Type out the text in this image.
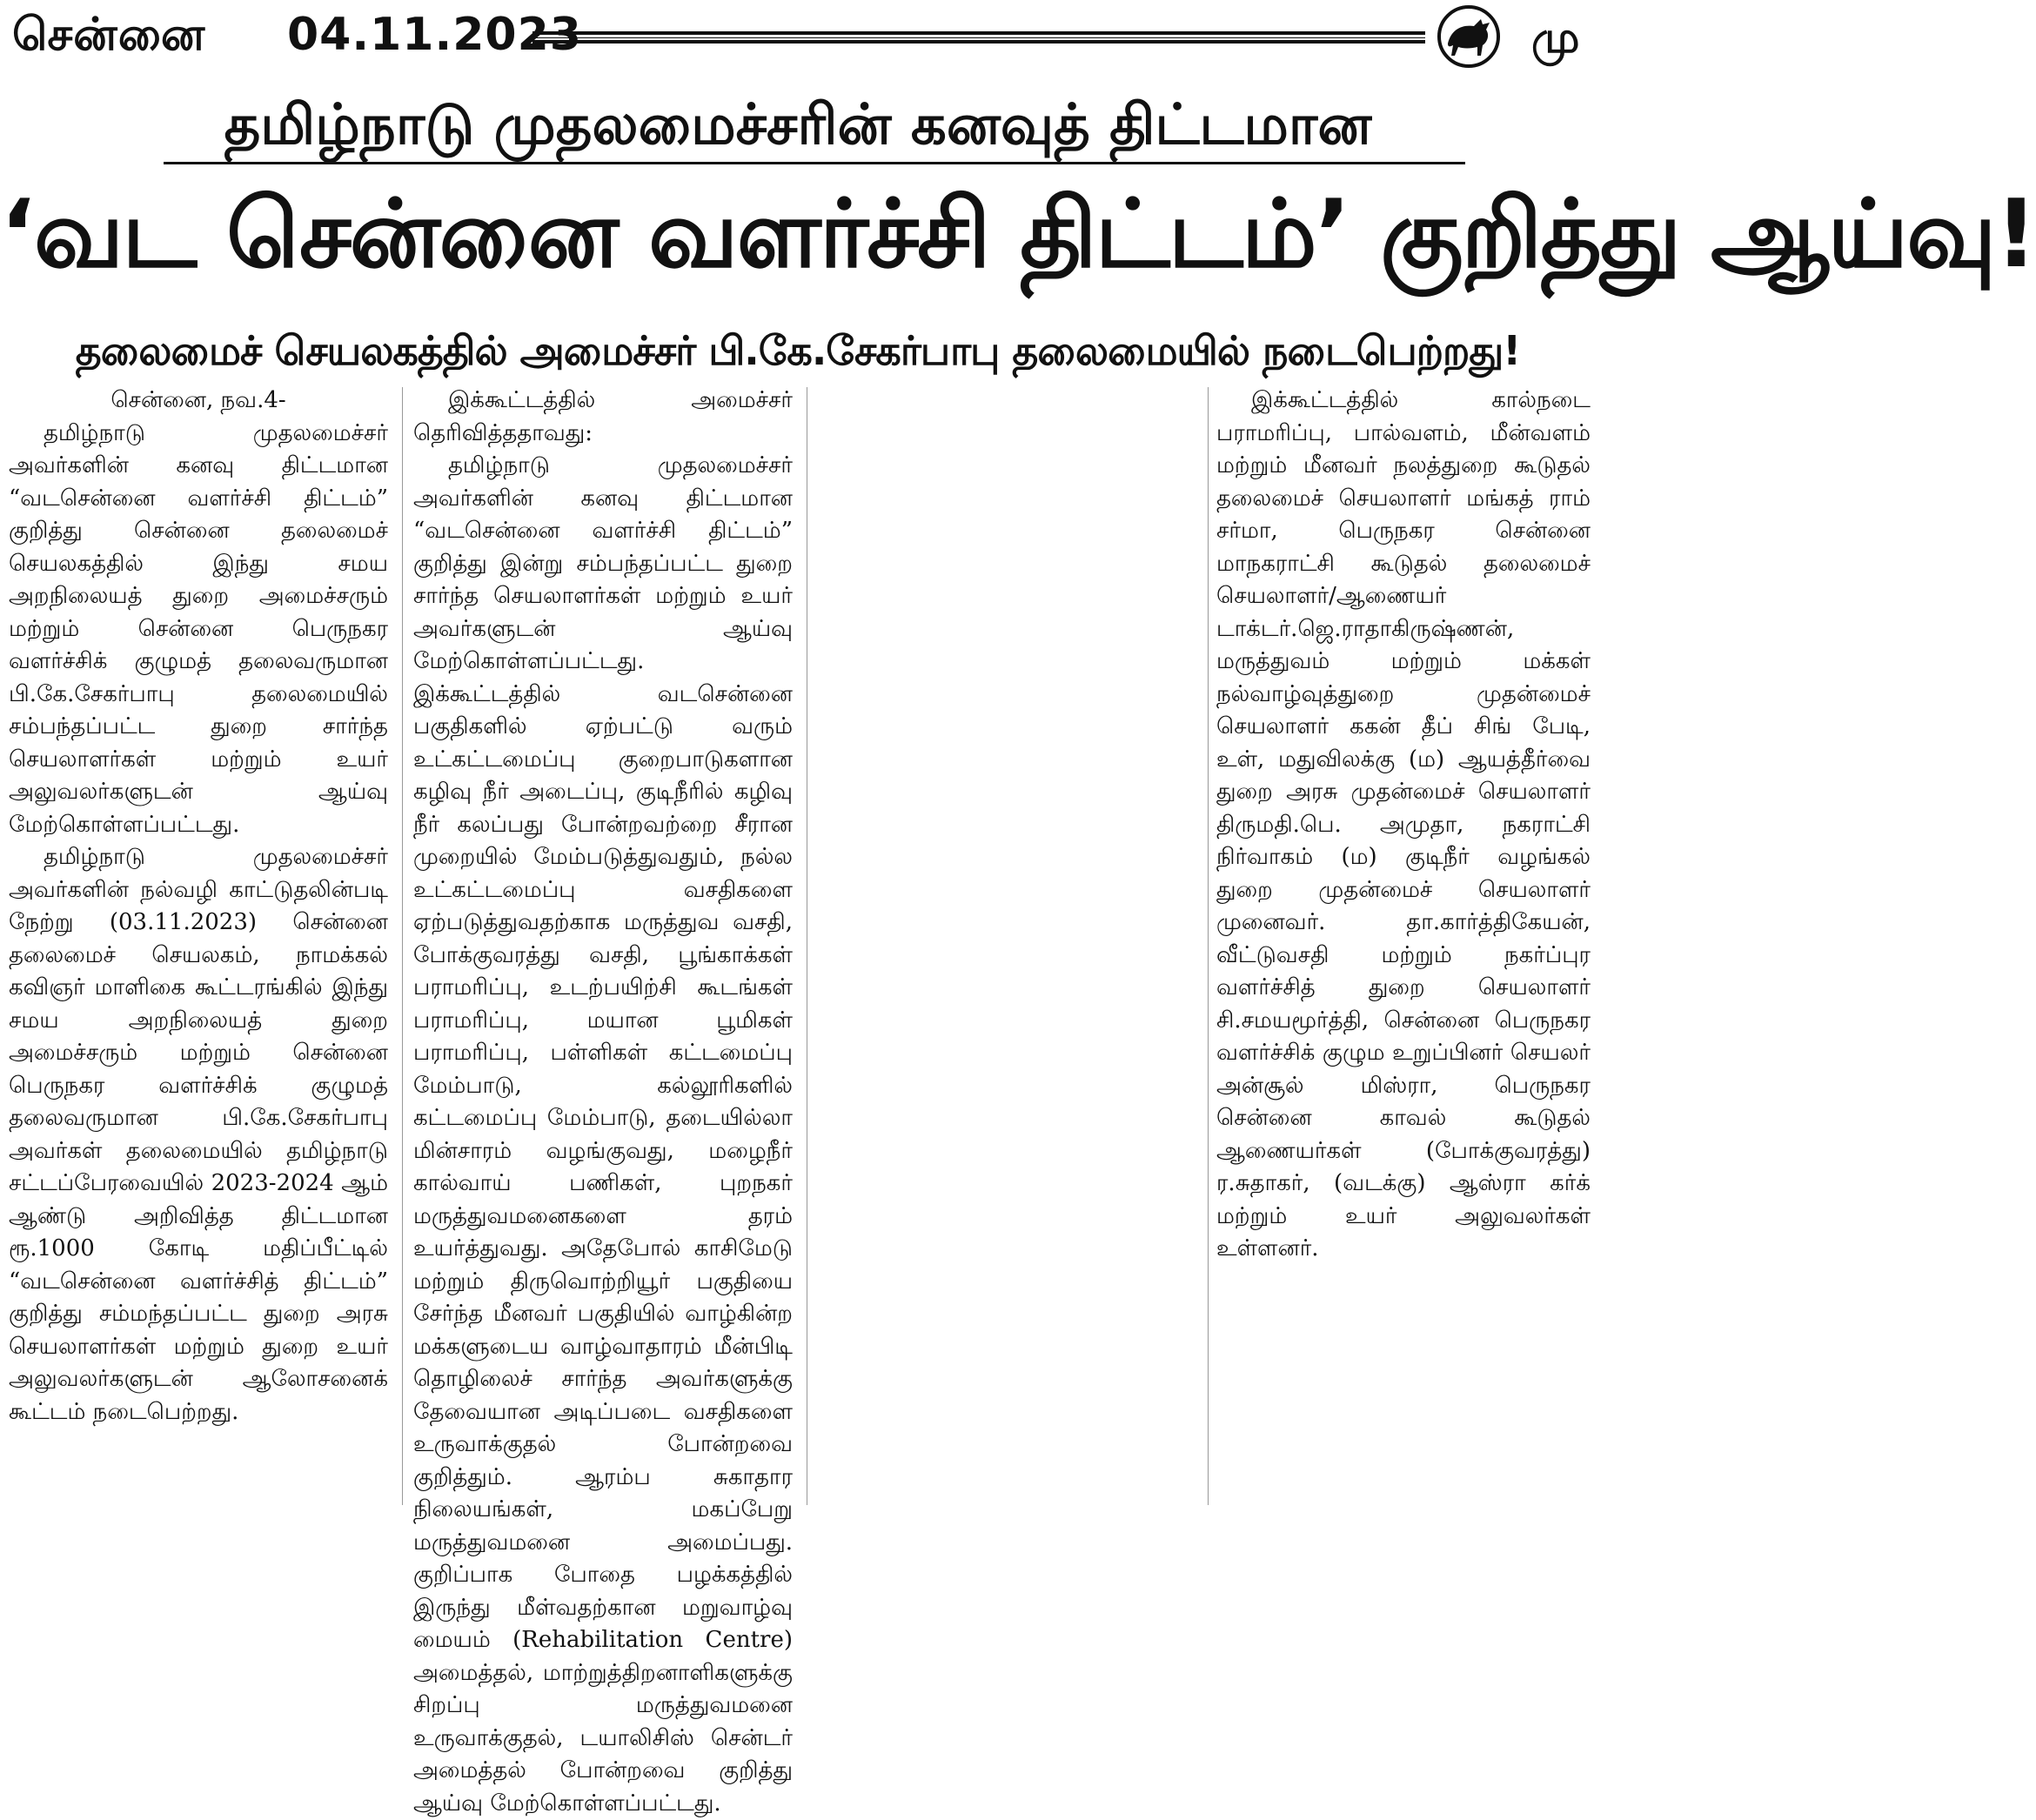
சென்னை 04.11.2023	மு
தமிழ்நாடு முதலமைச்சரின் கனவுத் திட்டமான
‘வட சென்னை வளர்ச்சி திட்டம்’ குறித்து ஆய்வு!
தலைமைச் செயலகத்தில் அமைச்சர் பி.கே.சேகர்பாபு தலைமையில் நடைபெற்றது!

சென்னை, நவ.4-

தமிழ்நாடு முதலமைச்சர் அவர்களின் கனவு திட்டமான “வடசென்னை வளர்ச்சி திட்டம்” குறித்து சென்னை தலைமைச் செயலகத்தில் இந்து சமய அறநிலையத் துறை அமைச்சரும் மற்றும் சென்னை பெருநகர வளர்ச்சிக் குழுமத் தலைவருமான பி.கே.சேகர்பாபு தலைமையில் சம்பந்தப்பட்ட துறை சார்ந்த செயலாளர்கள் மற்றும் உயர் அலுவலர்களுடன் ஆய்வு மேற்கொள்ளப்பட்டது.

தமிழ்நாடு முதலமைச்சர் அவர்களின் நல்வழி காட்டுதலின்படி நேற்று (03.11.2023) சென்னை தலைமைச் செயலகம், நாமக்கல் கவிஞர் மாளிகை கூட்டரங்கில் இந்து சமய அறநிலையத் துறை அமைச்சரும் மற்றும் சென்னை பெருநகர வளர்ச்சிக் குழுமத் தலைவருமான பி.கே.சேகர்பாபு அவர்கள் தலைமையில் தமிழ்நாடு சட்டப்பேரவையில் 2023-2024 ஆம் ஆண்டு அறிவித்த திட்டமான ரூ.1000 கோடி மதிப்பீட்டில் “வடசென்னை வளர்ச்சித் திட்டம்” குறித்து சம்மந்தப்பட்ட துறை அரசு செயலாளர்கள் மற்றும் துறை உயர் அலுவலர்களுடன் ஆலோசனைக் கூட்டம் நடைபெற்றது.

இக்கூட்டத்தில் அமைச்சர் தெரிவித்ததாவது:

தமிழ்நாடு முதலமைச்சர் அவர்களின் கனவு திட்டமான “வடசென்னை வளர்ச்சி திட்டம்” குறித்து இன்று சம்பந்தப்பட்ட துறை சார்ந்த செயலாளர்கள் மற்றும் உயர் அவர்களுடன் ஆய்வு மேற்கொள்ளப்பட்டது. இக்கூட்டத்தில் வடசென்னை பகுதிகளில் ஏற்பட்டு வரும் உட்கட்டமைப்பு குறைபாடுகளான கழிவு நீர் அடைப்பு, குடிநீரில் கழிவு நீர் கலப்பது போன்றவற்றை சீரான முறையில் மேம்படுத்துவதும், நல்ல உட்கட்டமைப்பு வசதிகளை ஏற்படுத்துவதற்காக மருத்துவ வசதி, போக்குவரத்து வசதி, பூங்காக்கள் பராமரிப்பு, உடற்பயிற்சி கூடங்கள் பராமரிப்பு, மயான பூமிகள் பராமரிப்பு, பள்ளிகள் கட்டமைப்பு மேம்பாடு, கல்லூரிகளில் கட்டமைப்பு மேம்பாடு, தடையில்லா மின்சாரம் வழங்குவது, மழைநீர் கால்வாய் பணிகள், புறநகர் மருத்துவமனைகளை தரம் உயர்த்துவது. அதேபோல் காசிமேடு மற்றும் திருவொற்றியூர் பகுதியை சேர்ந்த மீனவர் பகுதியில் வாழ்கின்ற மக்களுடைய வாழ்வாதாரம் மீன்பிடி தொழிலைச் சார்ந்த அவர்களுக்கு தேவையான அடிப்படை வசதிகளை உருவாக்குதல் போன்றவை குறித்தும். ஆரம்ப சுகாதார நிலையங்கள், மகப்பேறு மருத்துவமனை அமைப்பது. குறிப்பாக போதை பழக்கத்தில் இருந்து மீள்வதற்கான மறுவாழ்வு மையம் (Rehabilitation Centre) அமைத்தல், மாற்றுத்திறனாளிகளுக்கு சிறப்பு மருத்துவமனை உருவாக்குதல், டயாலிசிஸ் சென்டர் அமைத்தல் போன்றவை குறித்து ஆய்வு மேற்கொள்ளப்பட்டது.

இக்கூட்டத்தில் கால்நடை பராமரிப்பு, பால்வளம், மீன்வளம் மற்றும் மீனவர் நலத்துறை கூடுதல் தலைமைச் செயலாளர் மங்கத் ராம் சர்மா, பெருநகர சென்னை மாநகராட்சி கூடுதல் தலைமைச் செயலாளர்/ஆணையர் டாக்டர்.ஜெ.ராதாகிருஷ்ணன், மருத்துவம் மற்றும் மக்கள் நல்வாழ்வுத்துறை முதன்மைச் செயலாளர் ககன் தீப் சிங் பேடி, உள், மதுவிலக்கு (ம) ஆயத்தீர்வை துறை அரசு முதன்மைச் செயலாளர் திருமதி.பெ. அமுதா, நகராட்சி நிர்வாகம் (ம) குடிநீர் வழங்கல் துறை முதன்மைச் செயலாளர் முனைவர். தா.கார்த்திகேயன், வீட்டுவசதி மற்றும் நகர்ப்புர வளர்ச்சித் துறை செயலாளர் சி.சமயமூர்த்தி, சென்னை பெருநகர வளர்ச்சிக் குழும உறுப்பினர் செயலர் அன்சூல் மிஸ்ரா, பெருநகர சென்னை காவல் கூடுதல் ஆணையர்கள் (போக்குவரத்து) ர.சுதாகர், (வடக்கு) ஆஸ்ரா கர்க் மற்றும் உயர் அலுவலர்கள் உள்ளனர்.
